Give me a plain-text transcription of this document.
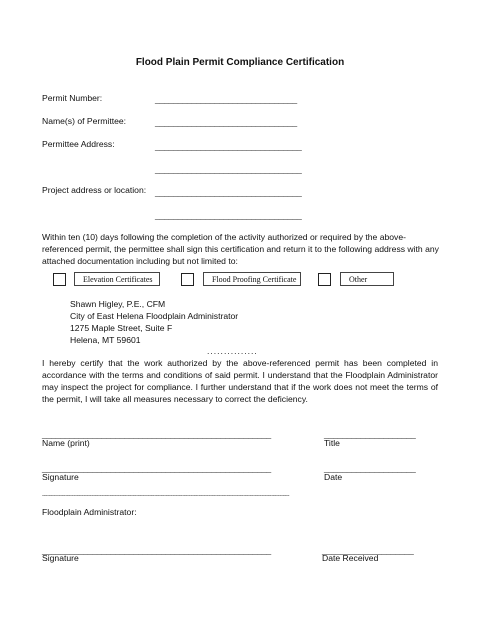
Flood Plain Permit Compliance Certification
Permit Number:	_______________________________
Name(s) of Permittee:	_______________________________
Permittee Address:	________________________________
________________________________
Project address or location: ________________________________
________________________________
Within ten (10) days following the completion of the activity authorized or required by the above-referenced permit, the permittee shall sign this certification and return it to the following address with any attached documentation including but not limited to:
Elevation Certificates	Flood Proofing Certificate	Other
Shawn Higley, P.E., CFM
City of East Helena Floodplain Administrator
1275 Maple Street, Suite F
Helena, MT 59601
...............
I hereby certify that the work authorized by the above-referenced permit has been completed in accordance with the terms and conditions of said permit. I understand that the Floodplain Administrator may inspect the project for compliance. I further understand that if the work does not meet the terms of the permit, I will take all measures necessary to correct the deficiency.
__________________________________________________	____________________
Name (print)	Title
__________________________________________________	____________________
Signature	Date
------------------------------------------------------------------------------------------------------------------------------------------------------
Floodplain Administrator:
__________________________________________________	____________________
Signature	Date Received
